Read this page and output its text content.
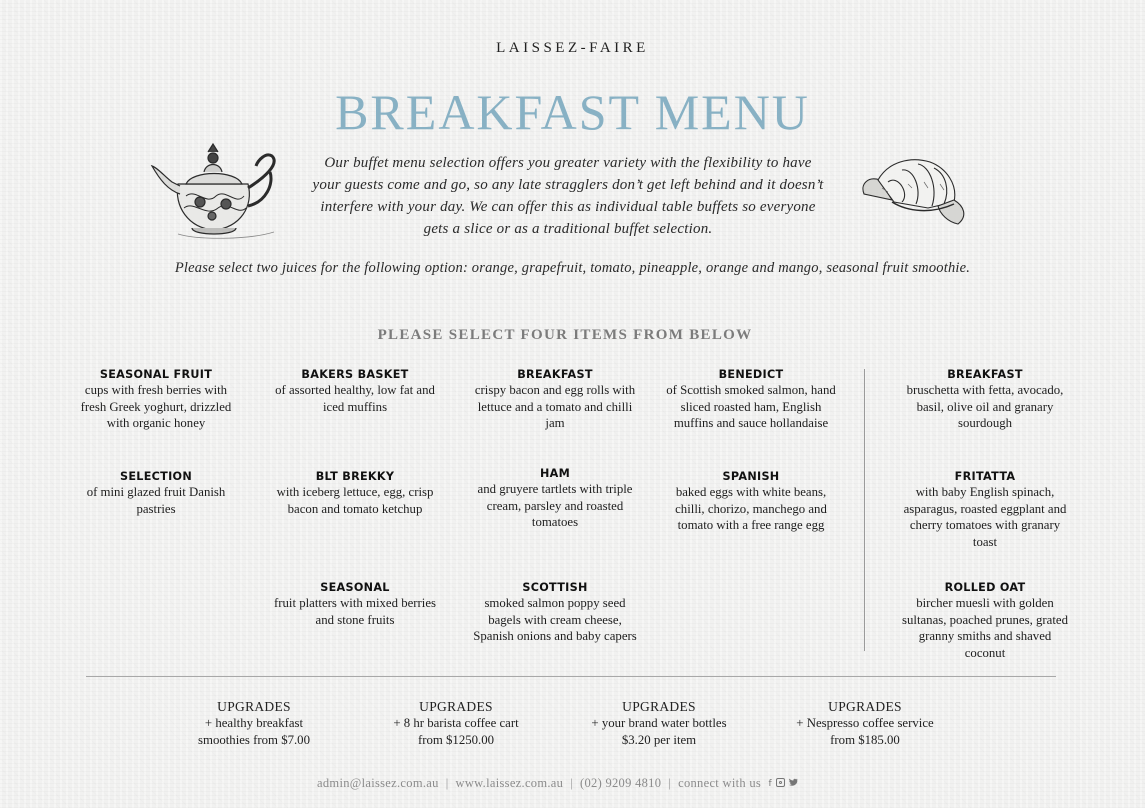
LAISSEZ-FAIRE
BREAKFAST MENU
Our buffet menu selection offers you greater variety with the flexibility to have your guests come and go, so any late stragglers don’t get left behind and it doesn’t interfere with your day. We can offer this as individual table buffets so everyone gets a slice or as a traditional buffet selection.
Please select two juices for the following option: orange, grapefruit, tomato, pineapple, orange and mango, seasonal fruit smoothie.
PLEASE SELECT FOUR ITEMS FROM BELOW
SEASONAL FRUIT
cups with fresh berries with fresh Greek yoghurt, drizzled with organic honey
SELECTION
of mini glazed fruit Danish pastries
BAKERS BASKET
of assorted healthy, low fat and iced muffins
BLT BREKKY
with iceberg lettuce, egg, crisp bacon and tomato ketchup
SEASONAL
fruit platters with mixed berries and stone fruits
BREAKFAST
crispy bacon and egg rolls with lettuce and a tomato and chilli jam
HAM
and gruyere tartlets with triple cream, parsley and roasted tomatoes
SCOTTISH
smoked salmon poppy seed bagels with cream cheese, Spanish onions and baby capers
BENEDICT
of Scottish smoked salmon, hand sliced roasted ham, English muffins and sauce hollandaise
SPANISH
baked eggs with white beans, chilli, chorizo, manchego and tomato with a free range egg
BREAKFAST
bruschetta with fetta, avocado, basil, olive oil and granary sourdough
FRITATTA
with baby English spinach, asparagus, roasted eggplant and cherry tomatoes with granary toast
ROLLED OAT
bircher muesli with golden sultanas, poached prunes, grated granny smiths and shaved coconut
UPGRADES
+ healthy breakfast
smoothies from $7.00
UPGRADES
+ 8 hr barista coffee cart
from $1250.00
UPGRADES
+ your brand water bottles
$3.20 per item
UPGRADES
+ Nespresso coffee service
from $185.00
admin@laissez.com.au | www.laissez.com.au | (02) 9209 4810 | connect with us f
